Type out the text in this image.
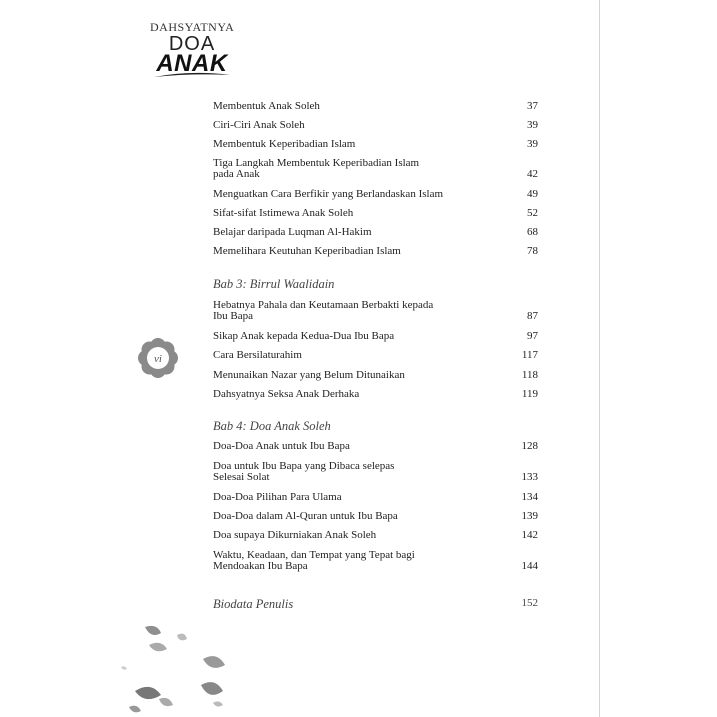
DAHSYATNYA
DOA
ANAK
vi
Membentuk Anak Soleh	37
Ciri-Ciri Anak Soleh	39
Membentuk Keperibadian Islam	39
Tiga Langkah Membentuk Keperibadian Islam
pada Anak	42
Menguatkan Cara Berfikir yang Berlandaskan Islam	49
Sifat-sifat Istimewa Anak Soleh	52
Belajar daripada Luqman Al-Hakim	68
Memelihara Keutuhan Keperibadian Islam	78
Bab 3: Birrul Waalidain
Hebatnya Pahala dan Keutamaan Berbakti kepada
Ibu Bapa	87
Sikap Anak kepada Kedua-Dua Ibu Bapa	97
Cara Bersilaturahim	117
Menunaikan Nazar yang Belum Ditunaikan	118
Dahsyatnya Seksa Anak Derhaka	119
Bab 4: Doa Anak Soleh
Doa-Doa Anak untuk Ibu Bapa	128
Doa untuk Ibu Bapa yang Dibaca selepas
Selesai Solat	133
Doa-Doa Pilihan Para Ulama	134
Doa-Doa dalam Al-Quran untuk Ibu Bapa	139
Doa supaya Dikurniakan Anak Soleh	142
Waktu, Keadaan, dan Tempat yang Tepat bagi
Mendoakan Ibu Bapa	144
Biodata Penulis	152
